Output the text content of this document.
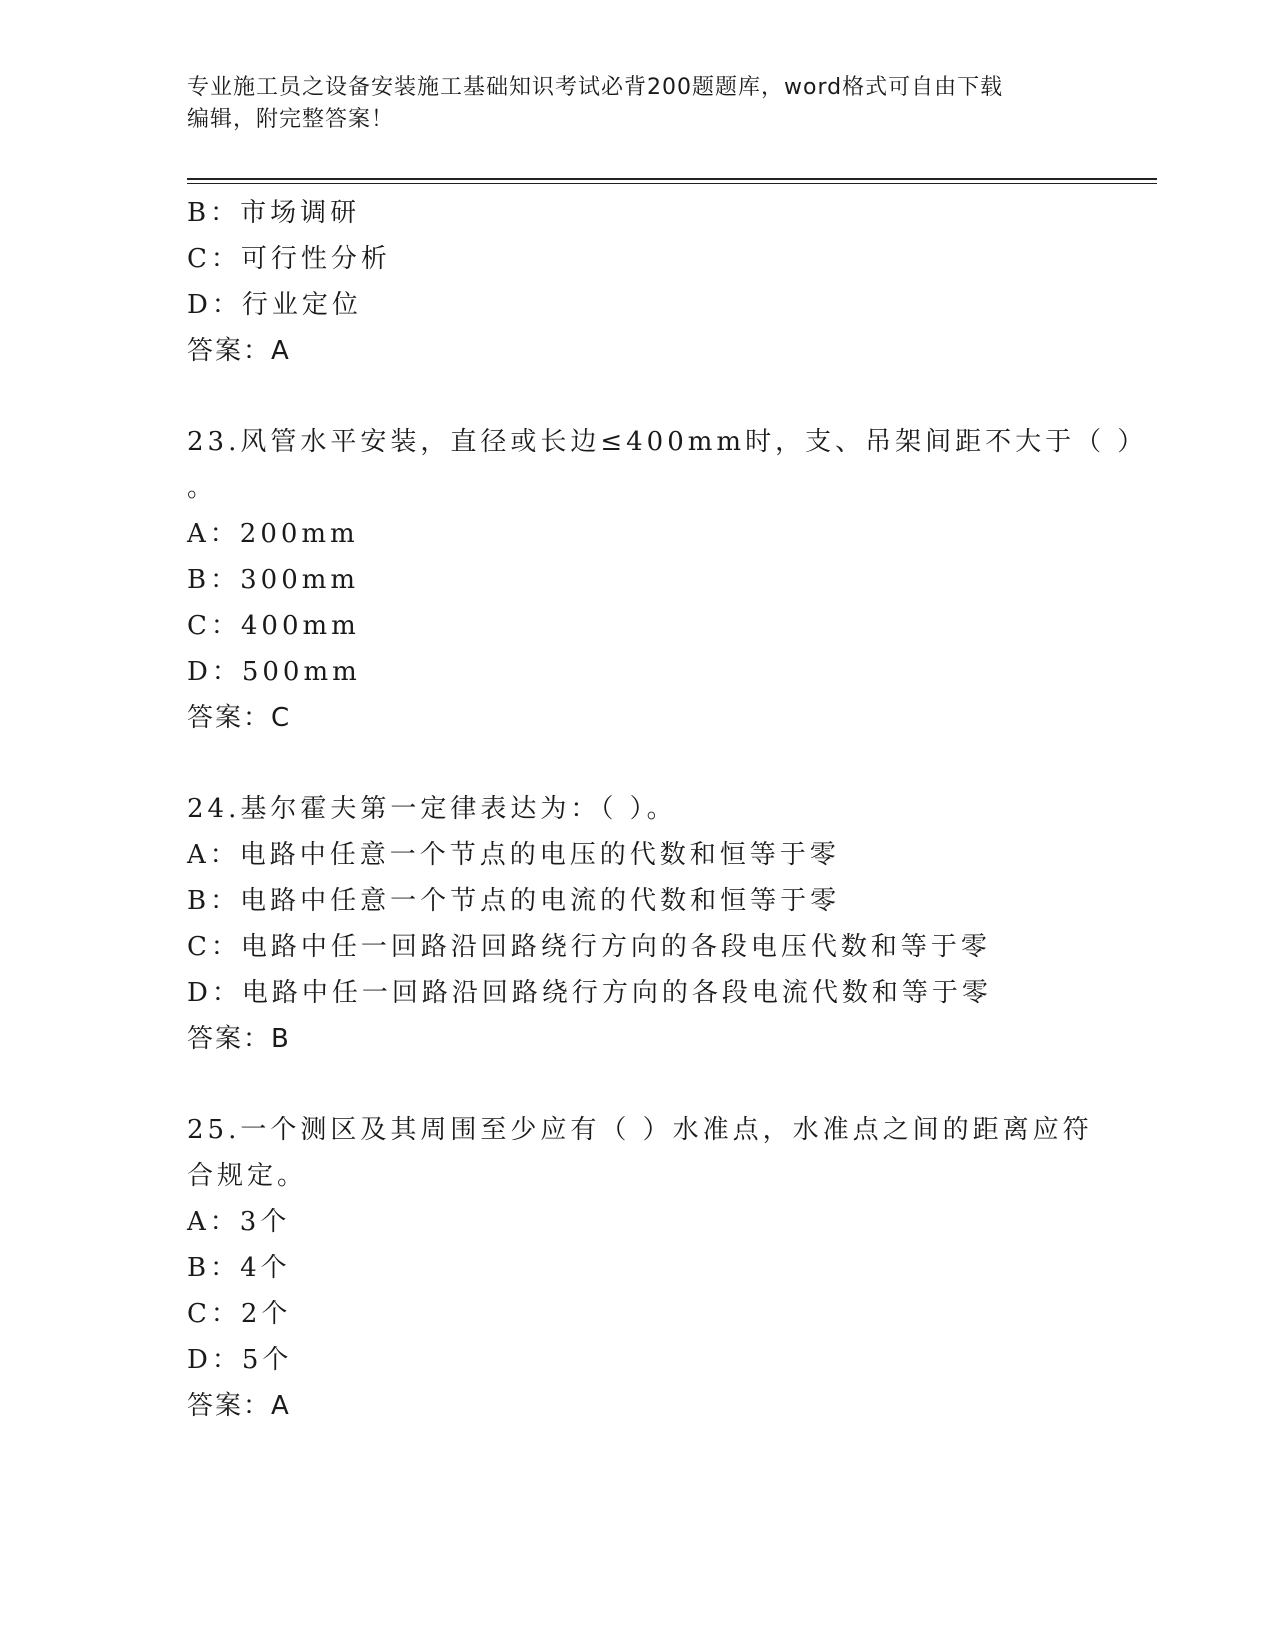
专业施工员之设备安装施工基础知识考试必背200题题库，word格式可自由下载
编辑，附完整答案！
B：市场调研
C：可行性分析
D：行业定位
答案：A
23.风管水平安装，直径或长边≤400mm时，支、吊架间距不大于（ ）
。
A：200mm
B：300mm
C：400mm
D：500mm
答案：C
24.基尔霍夫第一定律表达为：（ ）。
A：电路中任意一个节点的电压的代数和恒等于零
B：电路中任意一个节点的电流的代数和恒等于零
C：电路中任一回路沿回路绕行方向的各段电压代数和等于零
D：电路中任一回路沿回路绕行方向的各段电流代数和等于零
答案：B
25.一个测区及其周围至少应有（ ）水准点，水准点之间的距离应符
合规定。
A：3个
B：4个
C：2个
D：5个
答案：A
